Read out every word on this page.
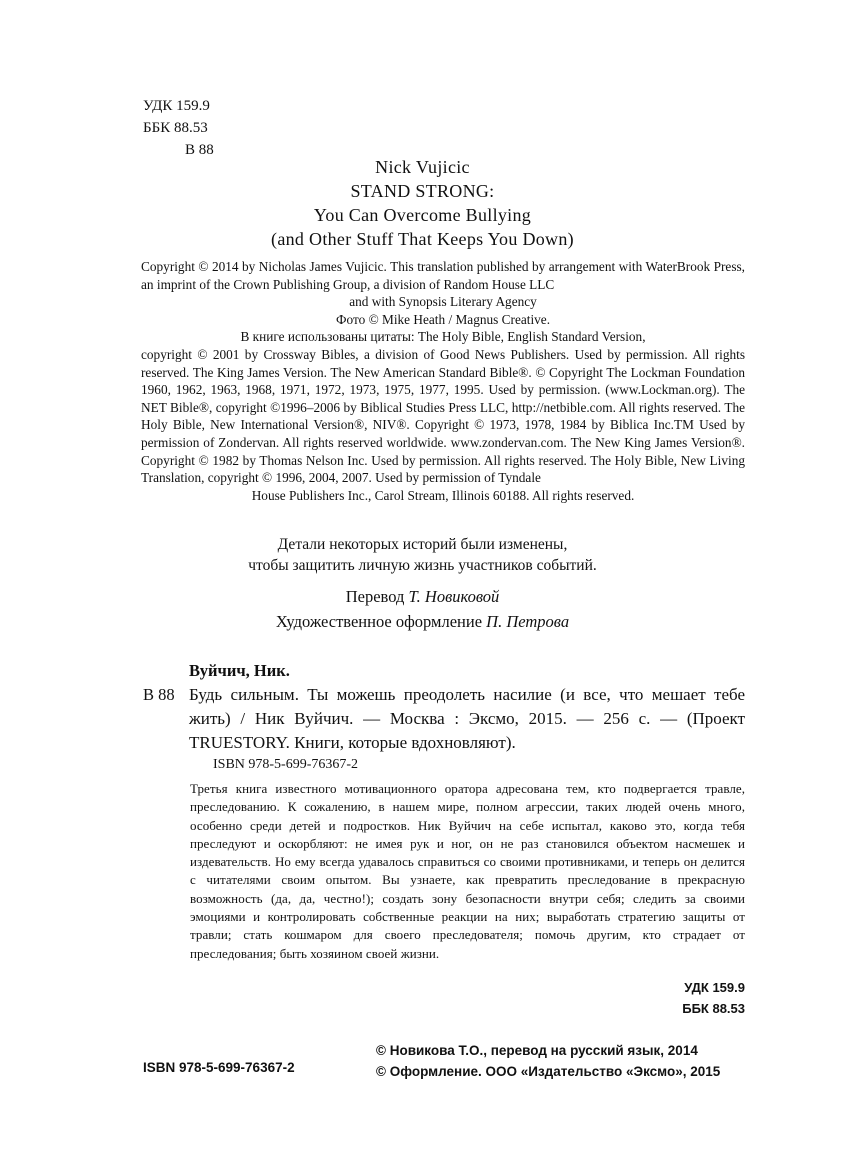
УДК 159.9
ББК 88.53
В 88
Nick Vujicic
STAND STRONG:
You Can Overcome Bullying
(and Other Stuff That Keeps You Down)

Copyright © 2014 by Nicholas James Vujicic. This translation published by arrangement with WaterBrook Press, an imprint of the Crown Publishing Group, a division of Random House LLC

and with Synopsis Literary Agency

Фото © Mike Heath / Magnus Creative.

В книге использованы цитаты: The Holy Bible, English Standard Version,

copyright © 2001 by Crossway Bibles, a division of Good News Publishers. Used by permission. All rights reserved. The King James Version. The New American Standard Bible®. © Copyright The Lockman Foundation 1960, 1962, 1963, 1968, 1971, 1972, 1973, 1975, 1977, 1995. Used by permission. (www.Lockman.org). The NET Bible®, copyright ©1996–2006 by Biblical Studies Press LLC, http://netbible.com. All rights reserved. The Holy Bible, New International Version®, NIV®. Copyright © 1973, 1978, 1984 by Biblica Inc.TM Used by permission of Zondervan. All rights reserved worldwide. www.zondervan.com. The New King James Version®. Copyright © 1982 by Thomas Nelson Inc. Used by permission. All rights reserved. The Holy Bible, New Living Translation, copyright © 1996, 2004, 2007. Used by permission of Tyndale

House Publishers Inc., Carol Stream, Illinois 60188. All rights reserved.

Детали некоторых историй были изменены,
чтобы защитить личную жизнь участников событий.
Перевод Т. Новиковой
Художественное оформление П. Петрова
Вуйчич, Ник.
В 88 Будь сильным. Ты можешь преодолеть насилие (и все, что мешает тебе жить) / Ник Вуйчич. — Москва : Эксмо, 2015. — 256 с. — (Проект TRUESTORY. Книги, которые вдохновляют).

ISBN 978-5-699-76367-2

Третья книга известного мотивационного оратора адресована тем, кто подвергается травле, преследованию. К сожалению, в нашем мире, полном агрессии, таких людей очень много, особенно среди детей и подростков. Ник Вуйчич на себе испытал, каково это, когда тебя преследуют и оскорбляют: не имея рук и ног, он не раз становился объектом насмешек и издевательств. Но ему всегда удавалось справиться со своими противниками, и теперь он делится с читателями своим опытом. Вы узнаете, как превратить преследование в прекрасную возможность (да, да, честно!); создать зону безопасности внутри себя; следить за своими эмоциями и контролировать собственные реакции на них; выработать стратегию защиты от травли; стать кошмаром для своего преследователя; помочь другим, кто страдает от преследования; быть хозяином своей жизни.

УДК 159.9
ББК 88.53
ISBN 978-5-699-76367-2
© Новикова Т.О., перевод на русский язык, 2014
© Оформление. ООО «Издательство «Эксмо», 2015
